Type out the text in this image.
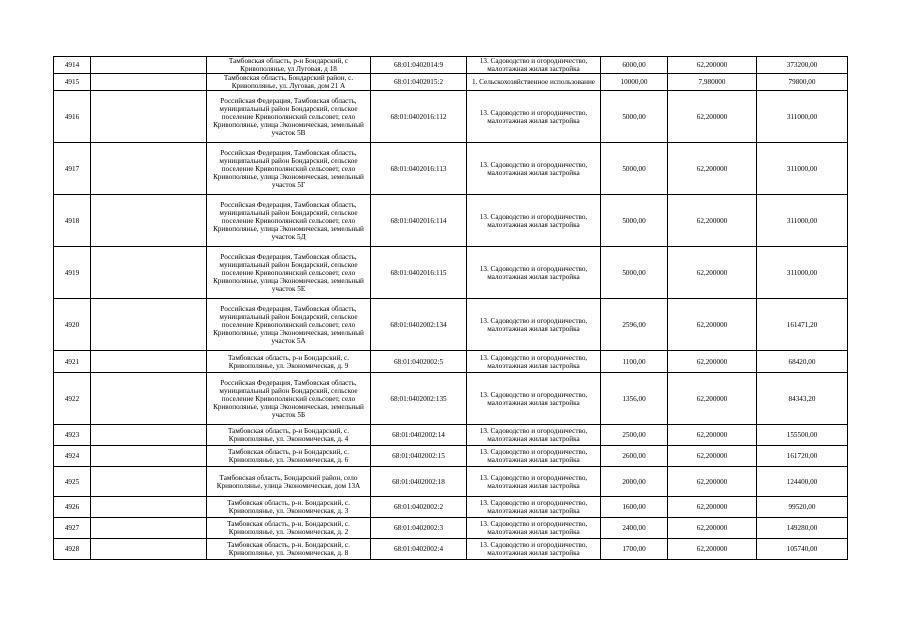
4914		Тамбовская область, р-н Бондарский, с Кривополянье, ул Луговая, д 18	68:01:0402014:9	13. Садоводство и огородничество, малоэтажная жилая застройка	6000,00	62,200000	373200,00
4915		Тамбовская область, Бондарский район, с. Кривополянье, ул. Луговая, дом 21 А	68:01:0402015:2	1. Сельскохозяйственное использование	10000,00	7,980000	79800,00
4916		Российская Федерация, Тамбовская область, муниципальный район Бондарский, сельское поселение Кривополянский сельсовет, село Кривополянье, улица Экономическая, земельный участок 5В	68:01:0402016:112	13. Садоводство и огородничество, малоэтажная жилая застройка	5000,00	62,200000	311000,00
4917		Российская Федерация, Тамбовская область, муниципальный район Бондарский, сельское поселение Кривополянский сельсовет, село Кривополянье, улица Экономическая, земельный участок 5Г	68:01:0402016:113	13. Садоводство и огородничество, малоэтажная жилая застройка	5000,00	62,200000	311000,00
4918		Российская Федерация, Тамбовская область, муниципальный район Бондарский, сельское поселение Кривополянский сельсовет, село Кривополянье, улица Экономическая, земельный участок 5Д	68:01:0402016:114	13. Садоводство и огородничество, малоэтажная жилая застройка	5000,00	62,200000	311000,00
4919		Российская Федерация, Тамбовская область, муниципальный район Бондарский, сельское поселение Кривополянский сельсовет, село Кривополянье, улица Экономическая, земельный участок 5Е	68:01:0402016:115	13. Садоводство и огородничество, малоэтажная жилая застройка	5000,00	62,200000	311000,00
4920		Российская Федерация, Тамбовская область, муниципальный район Бондарский, сельское поселение Кривополянский сельсовет, село Кривополянье, улица Экономическая, земельный участок 5А	68:01:0402002:134	13. Садоводство и огородничество, малоэтажная жилая застройка	2596,00	62,200000	161471,20
4921		Тамбовская область, р-н Бондарский, с. Кривополянье, ул. Экономическая, д. 9	68:01:0402002:5	13. Садоводство и огородничество, малоэтажная жилая застройка	1100,00	62,200000	68420,00
4922		Российская Федерация, Тамбовская область, муниципальный район Бондарский, сельское поселение Кривополянский сельсовет, село Кривополянье, улица Экономическая, земельный участок 5Б	68:01:0402002:135	13. Садоводство и огородничество, малоэтажная жилая застройка	1356,00	62,200000	84343,20
4923		Тамбовская область, р-н Бондарский, с. Кривополянье, ул. Экономическая, д. 4	68:01:0402002:14	13. Садоводство и огородничество, малоэтажная жилая застройка	2500,00	62,200000	155500,00
4924		Тамбовская область, р-н Бондарский, с. Кривополянье, ул. Экономическая, д. 6	68:01:0402002:15	13. Садоводство и огородничество, малоэтажная жилая застройка	2600,00	62,200000	161720,00
4925		Тамбовская область, Бондарский район, село Кривополянье, улица Экономическая, дом 13А	68:01:0402002:18	13. Садоводство и огородничество, малоэтажная жилая застройка	2000,00	62,200000	124400,00
4926		Тамбовская область, р-н. Бондарский, с. Кривополянье, ул. Экономическая, д. 3	68:01:0402002:2	13. Садоводство и огородничество, малоэтажная жилая застройка	1600,00	62,200000	99520,00
4927		Тамбовская область, р-н. Бондарский, с. Кривополянье, ул. Экономическая, д. 2	68:01:0402002:3	13. Садоводство и огородничество, малоэтажная жилая застройка	2400,00	62,200000	149280,00
4928		Тамбовская область, р-н. Бондарский, с. Кривополянье, ул. Экономическая, д. 8	68:01:0402002:4	13. Садоводство и огородничество, малоэтажная жилая застройка	1700,00	62,200000	105740,00
